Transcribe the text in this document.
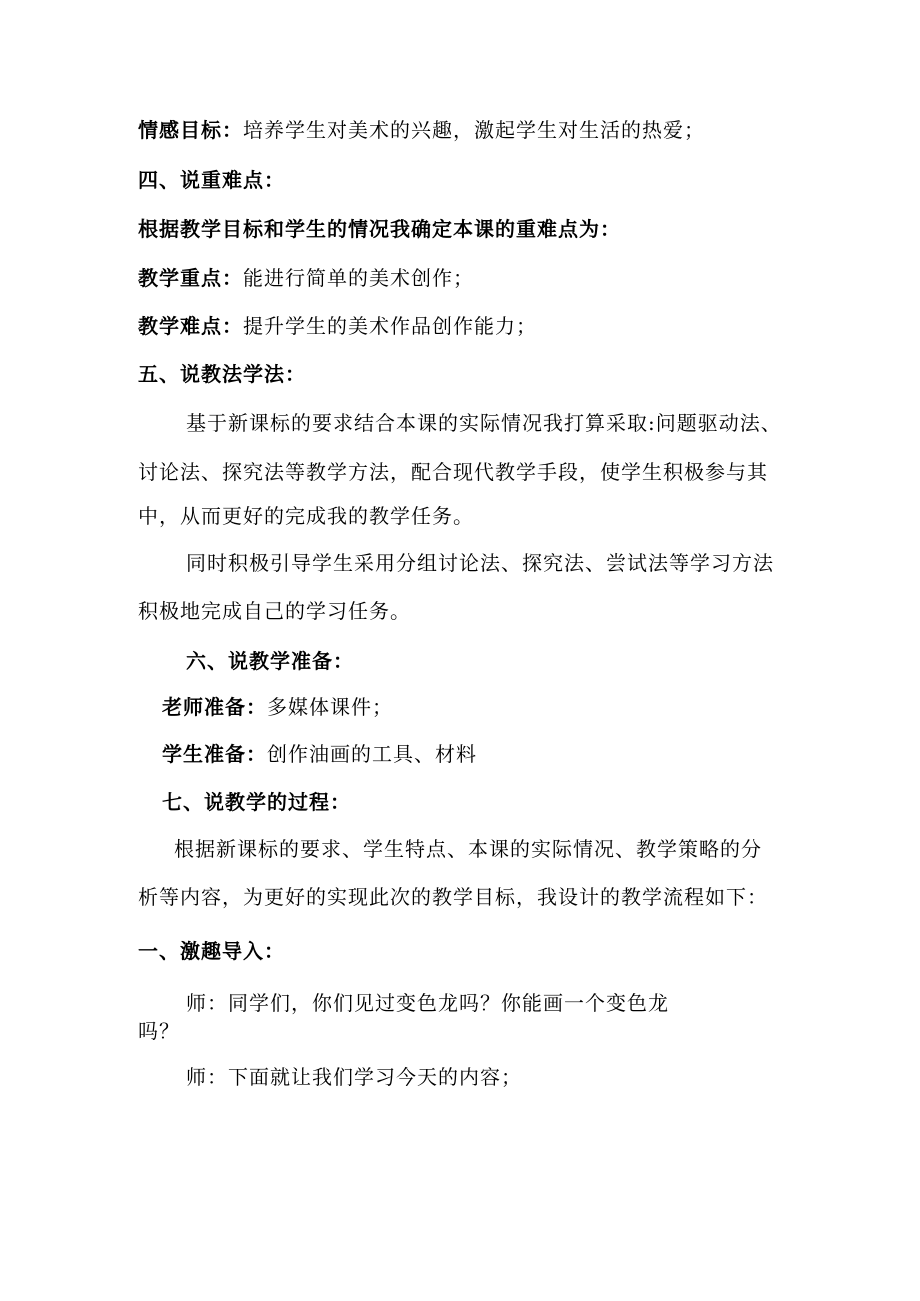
情感目标：培养学生对美术的兴趣，激起学生对生活的热爱；
四、说重难点：
根据教学目标和学生的情况我确定本课的重难点为：
教学重点：能进行简单的美术创作；
教学难点：提升学生的美术作品创作能力；
五、说教法学法：
基于新课标的要求结合本课的实际情况我打算采取:问题驱动法、
讨论法、探究法等教学方法，配合现代教学手段，使学生积极参与其
中，从而更好的完成我的教学任务。
同时积极引导学生采用分组讨论法、探究法、尝试法等学习方法
积极地完成自己的学习任务。
六、说教学准备：
老师准备：多媒体课件；
学生准备：创作油画的工具、材料
七、说教学的过程：
根据新课标的要求、学生特点、本课的实际情况、教学策略的分
析等内容，为更好的实现此次的教学目标，我设计的教学流程如下：
一、激趣导入：
师：同学们，你们见过变色龙吗？你能画一个变色龙
吗？
师：下面就让我们学习今天的内容；
